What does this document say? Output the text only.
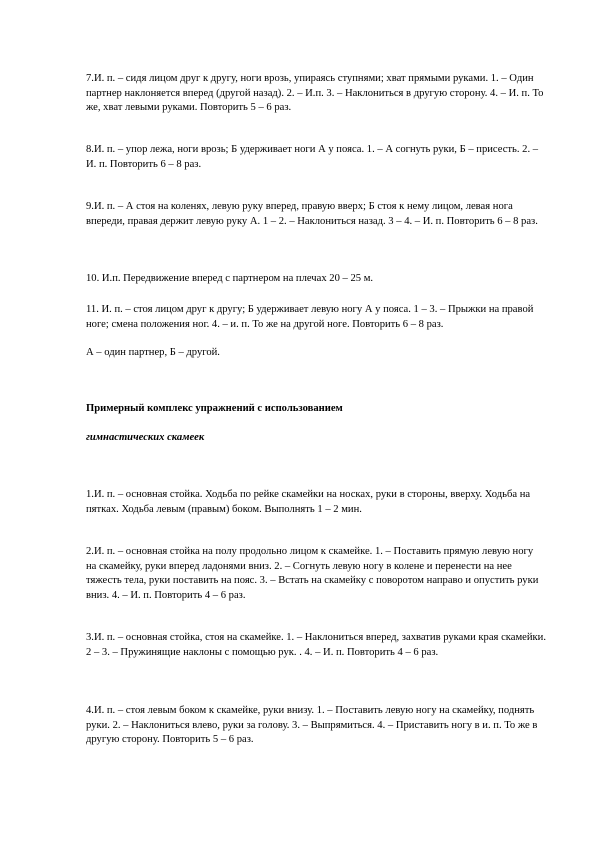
7.И. п. – сидя лицом друг к другу, ноги врозь, упираясь ступнями; хват прямыми руками. 1. – Один партнер наклоняется вперед (другой назад). 2. – И.п. 3. – Наклониться в другую сторону. 4. – И. п. То же, хват левыми руками. Повторить 5 – 6 раз.

8.И. п. – упор лежа, ноги врозь; Б удерживает ноги А у пояса. 1. – А согнуть руки, Б – присесть. 2. – И. п. Повторить 6 – 8 раз.

9.И. п. – А стоя на коленях, левую руку вперед, правую вверх; Б стоя к нему лицом, левая нога впереди, правая держит левую руку А. 1 – 2. – Наклониться назад. 3 – 4. – И. п. Повторить 6 – 8 раз.

10. И.п. Передвижение вперед с партнером на плечах 20 – 25 м.

11. И. п. – стоя лицом друг к другу; Б удерживает левую ногу А у пояса. 1 – 3. – Прыжки на правой ноге; смена положения ног. 4. – и. п. То же на другой ноге. Повторить 6 – 8 раз.

А – один партнер, Б – другой.

Примерный комплекс упражнений с использованием

гимнастических скамеек

1.И. п. – основная стойка. Ходьба по рейке скамейки на носках, руки в стороны, вверху. Ходьба на пятках. Ходьба левым (правым) боком. Выполнять 1 – 2 мин.

2.И. п. – основная стойка на полу продольно лицом к скамейке. 1. – Поставить прямую левую ногу на скамейку, руки вперед ладонями вниз. 2. – Согнуть левую ногу в колене и перенести на нее тяжесть тела, руки поставить на пояс. 3. – Встать на скамейку с поворотом направо и опустить руки вниз. 4. – И. п. Повторить 4 – 6 раз.

3.И. п. – основная стойка, стоя на скамейке. 1. – Наклониться вперед, захватив руками края скамейки. 2 – 3. – Пружинящие наклоны с помощью рук. . 4. – И. п. Повторить 4 – 6 раз.

4.И. п. – стоя левым боком к скамейке, руки внизу. 1. – Поставить левую ногу на скамейку, поднять руки. 2. – Наклониться влево, руки за голову. 3. – Выпрямиться. 4. – Приставить ногу в и. п. То же в другую сторону. Повторить 5 – 6 раз.
